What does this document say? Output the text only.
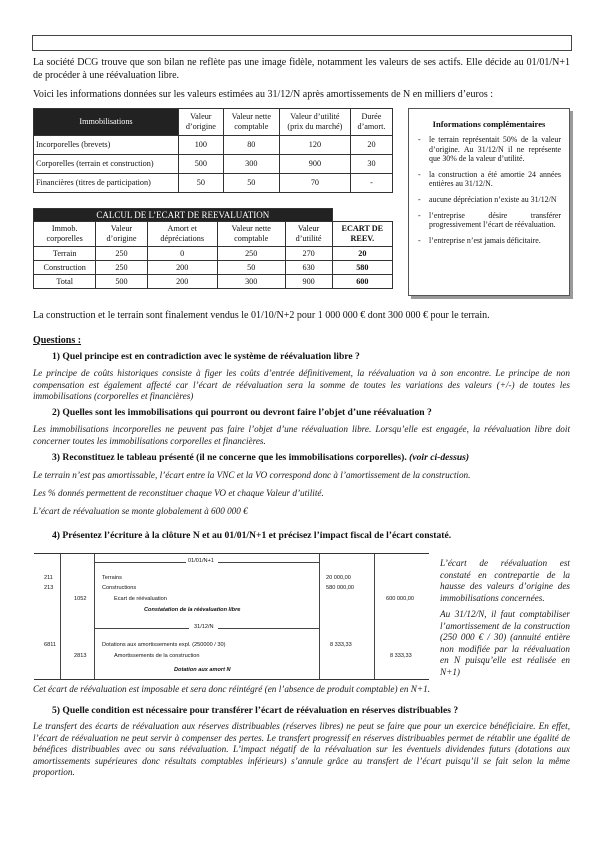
La société DCG trouve que son bilan ne reflète pas une image fidèle, notamment les valeurs de ses actifs. Elle décide au 01/01/N+1 de procéder à une réévaluation libre.
Voici les informations données sur les valeurs estimées au 31/12/N après amortissements de N en milliers d’euros :
Immobilisations	Valeur d’origine	Valeur nette comptable	Valeur d’utilité (prix du marché)	Durée d’amort.
Incorporelles (brevets)	100	80	120	20
Corporelles (terrain et construction)	500	300	900	30
Financières (titres de participation)	50	50	70	-
CALCUL DE L’ECART DE REEVALUATION					
Immob. corporelles	Valeur d’origine	Amort et dépréciations	Valeur nette comptable	Valeur d’utilité	ECART DE REEV.
Terrain	250	0	250	270	20
Construction	250	200	50	630	580
Total	500	200	300	900	600
Informations complémentaires
- le terrain représentait 50% de la valeur d’origine. Au 31/12/N il ne représente que 30% de la valeur d’utilité.
- la construction a été amortie 24 années entières au 31/12/N.
- aucune dépréciation n’existe au 31/12/N
- l’entreprise désire transférer progressivement l’écart de réévaluation.
- l’entreprise n’est jamais déficitaire.
La construction et le terrain sont finalement vendus le 01/10/N+2 pour 1 000 000 € dont 300 000 € pour le terrain.
Questions :
1) Quel principe est en contradiction avec le système de réévaluation libre ?
Le principe de coûts historiques consiste à figer les coûts d’entrée définitivement, la réévaluation va à son encontre. Le principe de non compensation est également affecté car l’écart de réévaluation sera la somme de toutes les variations des valeurs (+/-) de toutes les immobilisations (corporelles et financières)
2) Quelles sont les immobilisations qui pourront ou devront faire l’objet d’une réévaluation ?
Les immobilisations incorporelles ne peuvent pas faire l’objet d’une réévaluation libre. Lorsqu’elle est engagée, la réévaluation libre doit concerner toutes les immobilisations corporelles et financières.
3) Reconstituez le tableau présenté (il ne concerne que les immobilisations corporelles). (voir ci-dessus)
Le terrain n’est pas amortissable, l’écart entre la VNC et la VO correspond donc à l’amortissement de la construction.
Les % donnés permettent de reconstituer chaque VO et chaque Valeur d’utilité.
L’écart de réévaluation se monte globalement à 600 000 €
4) Présentez l’écriture à la clôture N et au 01/01/N+1 et précisez l’impact fiscal de l’écart constaté.
01/01/N+1
211	Terrains	20 000,00
213	Constructions	580 000,00
1052	Ecart de réévaluation	600 000,00
Constatation de la réévaluation libre
31/12/N
6811	Dotations aux amortissements expl. (250000 / 30)	8 333,33
2813	Amortissements de la construction	8 333,33
Dotation aux amort N
L’écart de réévaluation est constaté en contrepartie de la hausse des valeurs d’origine des immobilisations concernées.
Au 31/12/N, il faut comptabiliser l’amortissement de la construction (250 000 € / 30) (annuité entière non modifiée par la réévaluation en N puisqu’elle est réalisée en N+1)
Cet écart de réévaluation est imposable et sera donc réintégré (en l’absence de produit comptable) en N+1.
5) Quelle condition est nécessaire pour transférer l’écart de réévaluation en réserves distribuables ?
Le transfert des écarts de réévaluation aux réserves distribuables (réserves libres) ne peut se faire que pour un exercice bénéficiaire. En effet, l’écart de réévaluation ne peut servir à compenser des pertes. Le transfert progressif en réserves distribuables permet de rétablir une égalité de bénéfices distribuables avec ou sans réévaluation. L’impact négatif de la réévaluation sur les éventuels dividendes futurs (dotations aux amortissements supérieures donc résultats comptables inférieurs) s’annule grâce au transfert de l’écart puisqu’il se fait selon la même proportion.
